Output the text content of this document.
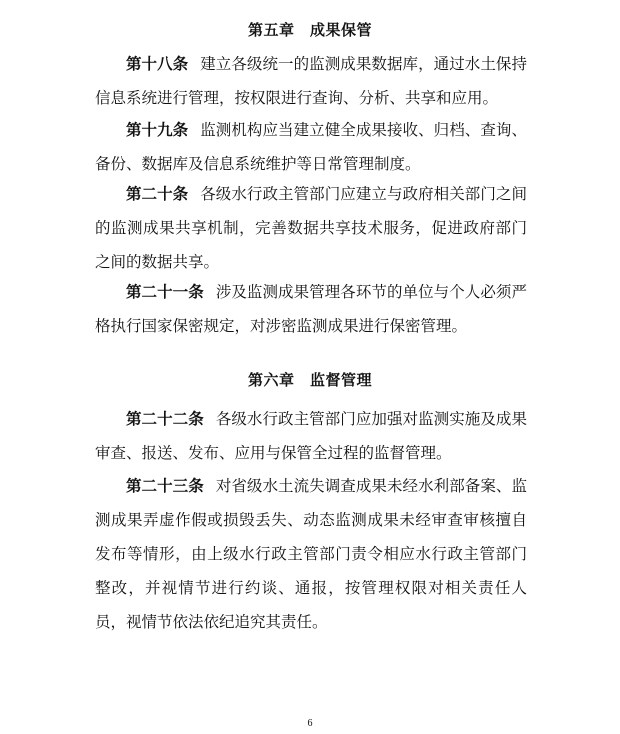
第五章　成果保管
第十八条 建立各级统一的监测成果数据库，通过水土保持信息系统进行管理，按权限进行查询、分析、共享和应用。
第十九条 监测机构应当建立健全成果接收、归档、查询、备份、数据库及信息系统维护等日常管理制度。
第二十条 各级水行政主管部门应建立与政府相关部门之间的监测成果共享机制，完善数据共享技术服务，促进政府部门之间的数据共享。
第二十一条 涉及监测成果管理各环节的单位与个人必须严格执行国家保密规定，对涉密监测成果进行保密管理。
第六章　监督管理
第二十二条 各级水行政主管部门应加强对监测实施及成果审查、报送、发布、应用与保管全过程的监督管理。
第二十三条 对省级水土流失调查成果未经水利部备案、监测成果弄虚作假或损毁丢失、动态监测成果未经审查审核擅自发布等情形，由上级水行政主管部门责令相应水行政主管部门整改，并视情节进行约谈、通报，按管理权限对相关责任人员，视情节依法依纪追究其责任。
6
